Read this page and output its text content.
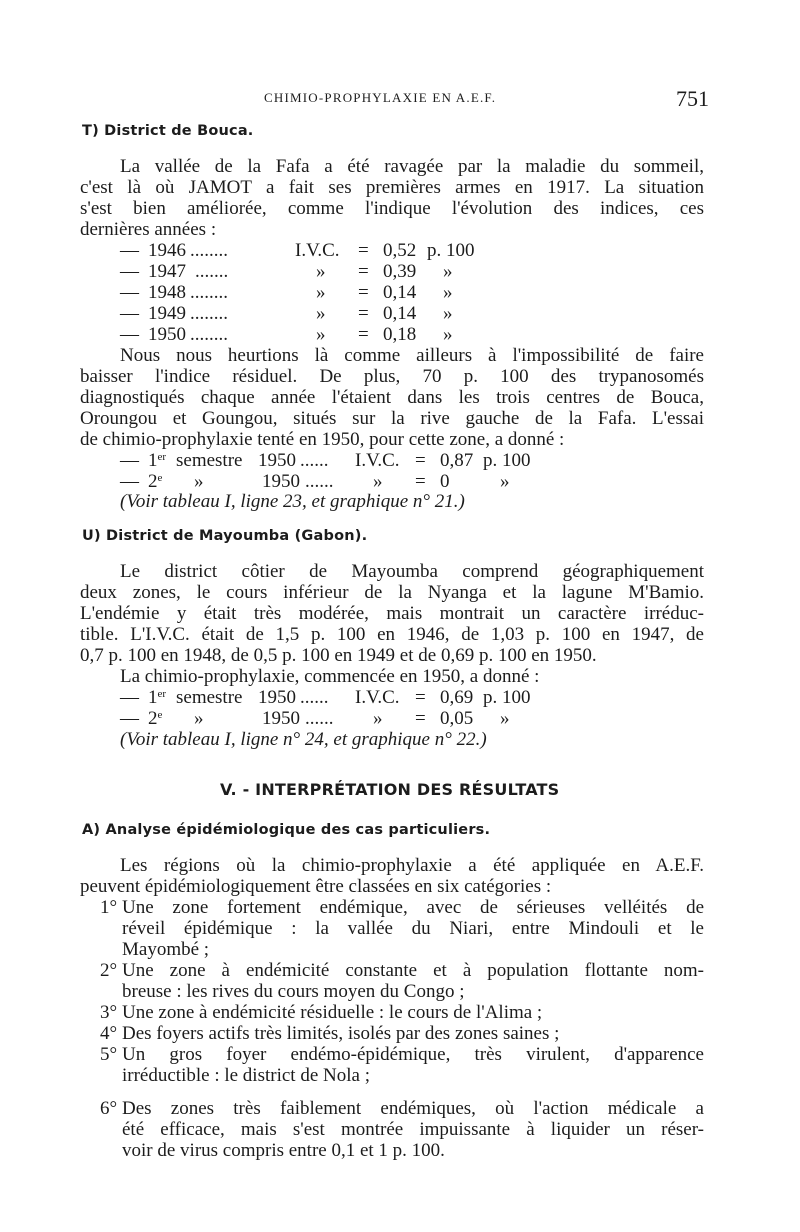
CHIMIO-PROPHYLAXIE EN A.E.F.	751
T) District de Bouca.
La vallée de la Fafa a été ravagée par la maladie du sommeil,
c'est là où JAMOT a fait ses premières armes en 1917. La situation
s'est bien améliorée, comme l'indique l'évolution des indices, ces
dernières années :
— 1946 ........	I.V.C. = 0,52 p. 100
— 1947 .......	» = 0,39 »
— 1948 ........	» = 0,14 »
— 1949 ........	» = 0,14 »
— 1950 ........	» = 0,18 »
Nous nous heurtions là comme ailleurs à l'impossibilité de faire
baisser l'indice résiduel. De plus, 70 p. 100 des trypanosomés
diagnostiqués chaque année l'étaient dans les trois centres de Bouca,
Oroungou et Goungou, situés sur la rive gauche de la Fafa. L'essai
de chimio-prophylaxie tenté en 1950, pour cette zone, a donné :
— 1er semestre 1950 ...... I.V.C. = 0,87 p. 100
— 2e »	1950 ...... » = 0	»
(Voir tableau I, ligne 23, et graphique n° 21.)
U) District de Mayoumba (Gabon).
Le district côtier de Mayoumba comprend géographiquement
deux zones, le cours inférieur de la Nyanga et la lagune M'Bamio.
L'endémie y était très modérée, mais montrait un caractère irréduc-
tible. L'I.V.C. était de 1,5 p. 100 en 1946, de 1,03 p. 100 en 1947, de
0,7 p. 100 en 1948, de 0,5 p. 100 en 1949 et de 0,69 p. 100 en 1950.
La chimio-prophylaxie, commencée en 1950, a donné :
— 1er semestre 1950 ...... I.V.C. = 0,69 p. 100
— 2e »	1950 ...... » = 0,05 »
(Voir tableau I, ligne n° 24, et graphique n° 22.)
V. - INTERPRÉTATION DES RÉSULTATS
A) Analyse épidémiologique des cas particuliers.
Les régions où la chimio-prophylaxie a été appliquée en A.E.F.
peuvent épidémiologiquement être classées en six catégories :
1° Une zone fortement endémique, avec de sérieuses velléités de
réveil épidémique : la vallée du Niari, entre Mindouli et le
Mayombé ;
2° Une zone à endémicité constante et à population flottante nom-
breuse : les rives du cours moyen du Congo ;
3° Une zone à endémicité résiduelle : le cours de l'Alima ;
4° Des foyers actifs très limités, isolés par des zones saines ;
5° Un gros foyer endémo-épidémique, très virulent, d'apparence
irréductible : le district de Nola ;
6° Des zones très faiblement endémiques, où l'action médicale a
été efficace, mais s'est montrée impuissante à liquider un réser-
voir de virus compris entre 0,1 et 1 p. 100.
